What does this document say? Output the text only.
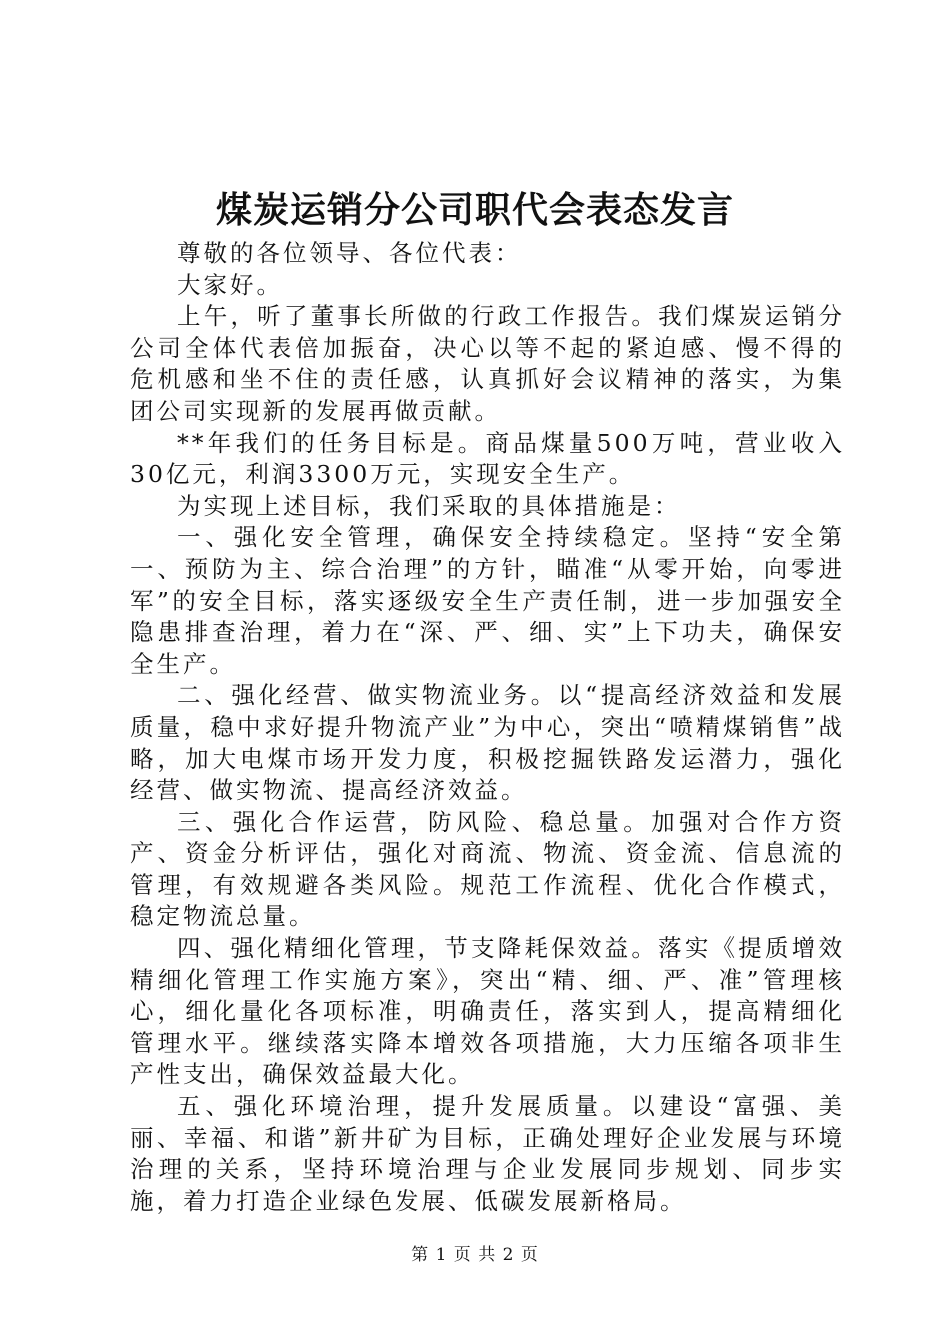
煤炭运销分公司职代会表态发言

尊敬的各位领导、各位代表：

大家好。

上午，听了董事长所做的行政工作报告。我们煤炭运销分公司全体代表倍加振奋，决心以等不起的紧迫感、慢不得的危机感和坐不住的责任感，认真抓好会议精神的落实，为集团公司实现新的发展再做贡献。

**年我们的任务目标是。商品煤量500万吨，营业收入30亿元，利润3300万元，实现安全生产。

为实现上述目标，我们采取的具体措施是：

一、强化安全管理，确保安全持续稳定。坚持“安全第一、预防为主、综合治理”的方针，瞄准“从零开始，向零进军”的安全目标，落实逐级安全生产责任制，进一步加强安全隐患排查治理，着力在“深、严、细、实”上下功夫，确保安全生产。

二、强化经营、做实物流业务。以“提高经济效益和发展质量，稳中求好提升物流产业”为中心，突出“喷精煤销售”战略，加大电煤市场开发力度，积极挖掘铁路发运潜力，强化经营、做实物流、提高经济效益。

三、强化合作运营，防风险、稳总量。加强对合作方资产、资金分析评估，强化对商流、物流、资金流、信息流的管理，有效规避各类风险。规范工作流程、优化合作模式，稳定物流总量。

四、强化精细化管理，节支降耗保效益。落实《提质增效精细化管理工作实施方案》，突出“精、细、严、准”管理核心，细化量化各项标准，明确责任，落实到人，提高精细化管理水平。继续落实降本增效各项措施，大力压缩各项非生产性支出，确保效益最大化。

五、强化环境治理，提升发展质量。以建设“富强、美丽、幸福、和谐”新井矿为目标，正确处理好企业发展与环境治理的关系，坚持环境治理与企业发展同步规划、同步实施，着力打造企业绿色发展、低碳发展新格局。

第 1 页 共 2 页
